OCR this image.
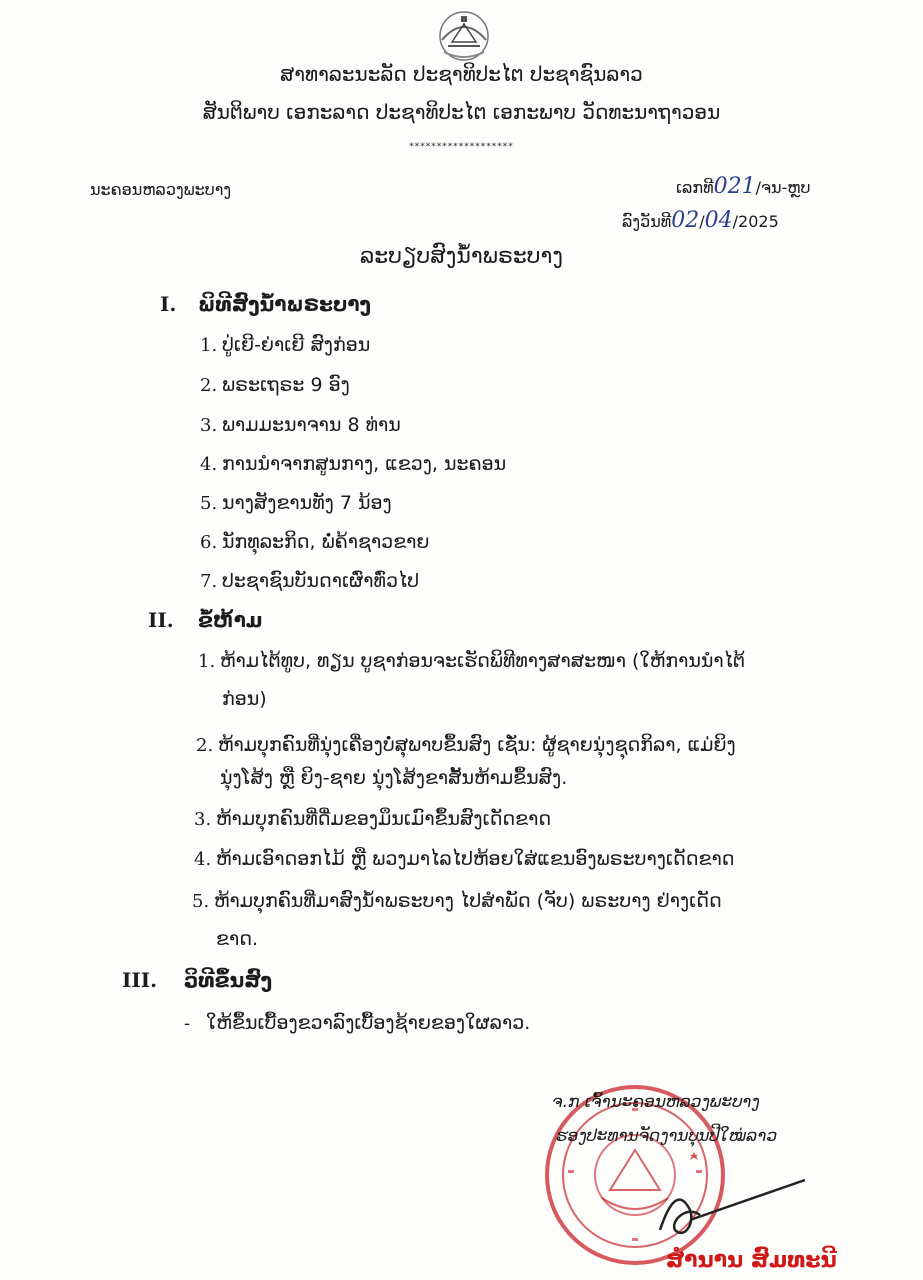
ສາທາລະນະລັດ ປະຊາທິປະໄຕ ປະຊາຊົນລາວ
ສັນຕິພາບ ເອກະລາດ ປະຊາທິປະໄຕ ເອກະພາບ ວັດທະນາຖາວອນ
*******************
ນະຄອນຫລວງພະບາງ	ເລກທີ021/ຈນ-ຫຼບ
ລົງວັນທີ02/04/2025
ລະບຽບສົງນ້ຳພຣະບາງ
I. ພິທີສົງນ້ຳພຣະບາງ
1. ປູ່ເຍີ-ຍ່າເຍີ ສົງກ່ອນ
2. ພຣະເຖຣະ 9 ອົງ
3. ພາມມະນາຈານ 8 ທ່ານ
4. ການນຳຈາກສູນກາງ, ແຂວງ, ນະຄອນ
5. ນາງສັງຂານທັງ 7 ນ້ອງ
6. ນັກທຸລະກິດ, ພໍ່ຄ້າຊາວຂາຍ
7. ປະຊາຊົນບັນດາເຜົ່າທົ່ວໄປ
II. ຂໍ້ຫ້າມ
1. ຫ້າມໄຕ້ທູບ, ທຽນ ບູຊາກ່ອນຈະເຮັດພິທີທາງສາສະໜາ (ໃຫ້ການນຳໄຕ້
ກ່ອນ)
2. ຫ້າມບຸກຄົນທີ່ນຸ່ງເຄື່ອງບໍ່ສຸພາບຂຶ້ນສົງ ເຊັ່ນ: ຜູ້ຊາຍນຸ່ງຊຸດກິລາ, ແມ່ຍິງ
ນຸ່ງໂສ້ງ ຫຼື ຍິງ-ຊາຍ ນຸ່ງໂສ້ງຂາສັ້ນຫ້າມຂຶ້ນສົງ.
3. ຫ້າມບຸກຄົນທີ່ດື່ມຂອງມຶນເມົາຂຶ້ນສົງເດັດຂາດ
4. ຫ້າມເອົາດອກໄມ້ ຫຼື ພວງມາໄລໄປຫ້ອຍໃສ່ແຂນອົງພຣະບາງເດັດຂາດ
5. ຫ້າມບຸກຄົນທີ່ມາສົງນ້ຳພຣະບາງ ໄປສຳພັດ (ຈັບ) ພຣະບາງ ຢ່າງເດັດ
ຂາດ.
III. ວິທີຂຶ້ນສົງ
- ໃຫ້ຂຶ້ນເບື້ອງຂວາລົງເບື້ອງຊ້າຍຂອງໃຜລາວ.
ຈ.ກ ເຈົ້ານະຄອນຫລວງພະບາງ
ຮອງປະທານຈັດງານບຸນປີໃໝ່ລາວ
ສຳນານ ສົມທະນີ
